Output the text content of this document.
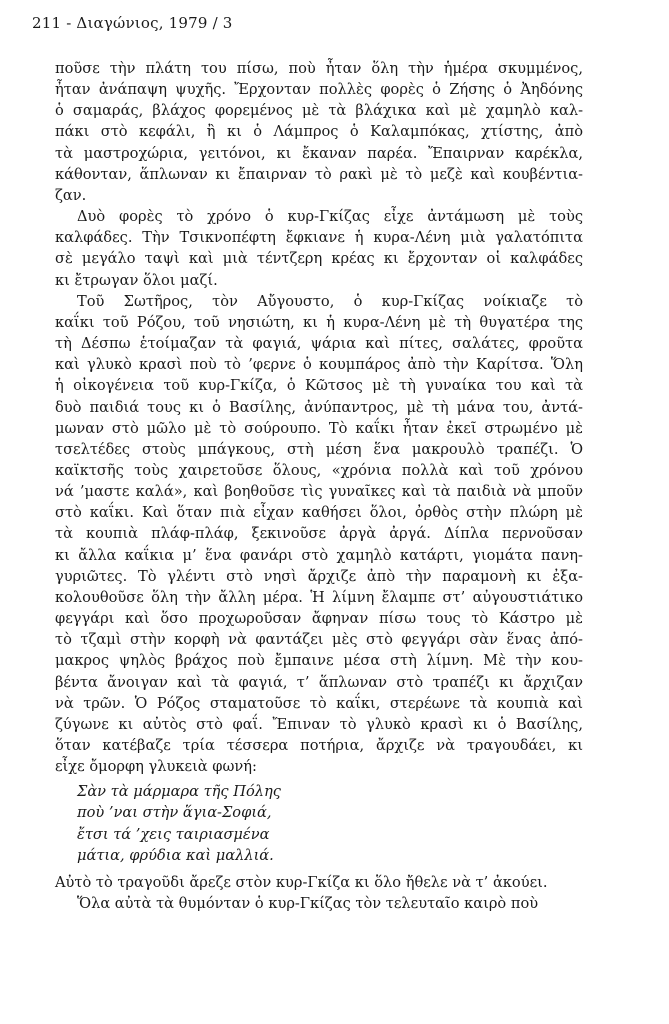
211 - Διαγώνιος, 1979 / 3

ποῦσε τὴν πλάτη του πίσω, ποὺ ἦταν ὅλη τὴν ἡμέρα σκυμμένος,
ἦταν ἀνάπαψη ψυχῆς. Ἔρχονταν πολλὲς φορὲς ὁ Ζήσης ὁ Ἀηδόνης
ὁ σαμαράς, βλάχος φορεμένος μὲ τὰ βλάχικα καὶ μὲ χαμηλὸ καλ-
πάκι στὸ κεφάλι, ἢ κι ὁ Λάμπρος ὁ Καλαμπόκας, χτίστης, ἀπὸ
τὰ μαστροχώρια, γειτόνοι, κι ἔκαναν παρέα. Ἔπαιρναν καρέκλα,
κάθονταν, ἅπλωναν κι ἔπαιρναν τὸ ρακὶ μὲ τὸ μεζὲ καὶ κουβέντια-
ζαν.

Δυὸ φορὲς τὸ χρόνο ὁ κυρ-Γκίζας εἶχε ἀντάμωση μὲ τοὺς
καλφάδες. Τὴν Τσικνοπέφτη ἔφκιανε ἡ κυρα-Λένη μιὰ γαλατόπιτα
σὲ μεγάλο ταψὶ καὶ μιὰ τέντζερη κρέας κι ἔρχονταν οἱ καλφάδες
κι ἔτρωγαν ὅλοι μαζί.

Τοῦ Σωτῆρος, τὸν Αὔγουστο, ὁ κυρ-Γκίζας νοίκιαζε τὸ
καΐκι τοῦ Ρόζου, τοῦ νησιώτη, κι ἡ κυρα-Λένη μὲ τὴ θυγατέρα της
τὴ Δέσπω ἑτοίμαζαν τὰ φαγιά, ψάρια καὶ πίτες, σαλάτες, φροῦτα
καὶ γλυκὸ κρασὶ ποὺ τὸ ’φερνε ὁ κουμπάρος ἀπὸ τὴν Καρίτσα. Ὅλη
ἡ οἰκογένεια τοῦ κυρ-Γκίζα, ὁ Κῶτσος μὲ τὴ γυναίκα του καὶ τὰ
δυὸ παιδιά τους κι ὁ Βασίλης, ἀνύπαντρος, μὲ τὴ μάνα του, ἀντά-
μωναν στὸ μῶλο μὲ τὸ σούρουπο. Τὸ καΐκι ἦταν ἐκεῖ στρωμένο μὲ
τσελτέδες στοὺς μπάγκους, στὴ μέση ἕνα μακρουλὸ τραπέζι. Ὁ
καϊκτσῆς τοὺς χαιρετοῦσε ὅλους, «χρόνια πολλὰ καὶ τοῦ χρόνου
νά ’μαστε καλά», καὶ βοηθοῦσε τὶς γυναῖκες καὶ τὰ παιδιὰ νὰ μποῦν
στὸ καΐκι. Καὶ ὅταν πιὰ εἶχαν καθήσει ὅλοι, ὀρθὸς στὴν πλώρη μὲ
τὰ κουπιὰ πλάφ-πλάφ, ξεκινοῦσε ἀργὰ ἀργά. Δίπλα περνοῦσαν
κι ἄλλα καΐκια μ’ ἕνα φανάρι στὸ χαμηλὸ κατάρτι, γιομάτα πανη-
γυριῶτες. Τὸ γλέντι στὸ νησὶ ἄρχιζε ἀπὸ τὴν παραμονὴ κι ἐξα-
κολουθοῦσε ὅλη τὴν ἄλλη μέρα. Ἡ λίμνη ἔλαμπε στ’ αὐγουστιάτικο
φεγγάρι καὶ ὅσο προχωροῦσαν ἄφηναν πίσω τους τὸ Κάστρο μὲ
τὸ τζαμὶ στὴν κορφὴ νὰ φαντάζει μὲς στὸ φεγγάρι σὰν ἕνας ἀπό-
μακρος ψηλὸς βράχος ποὺ ἔμπαινε μέσα στὴ λίμνη. Μὲ τὴν κου-
βέντα ἄνοιγαν καὶ τὰ φαγιά, τ’ ἅπλωναν στὸ τραπέζι κι ἄρχιζαν
νὰ τρῶν. Ὁ Ρόζος σταματοῦσε τὸ καΐκι, στερέωνε τὰ κουπιὰ καὶ
ζύγωνε κι αὐτὸς στὸ φαΐ. Ἔπιναν τὸ γλυκὸ κρασὶ κι ὁ Βασίλης,
ὅταν κατέβαζε τρία τέσσερα ποτήρια, ἄρχιζε νὰ τραγουδάει, κι
εἶχε ὄμορφη γλυκειὰ φωνή:

Σὰν τὰ μάρμαρα τῆς Πόλης
ποὺ ’ναι στὴν ἅγια-Σοφιά,
ἔτσι τά ’χεις ταιριασμένα
μάτια, φρύδια καὶ μαλλιά.

Αὐτὸ τὸ τραγοῦδι ἄρεζε στὸν κυρ-Γκίζα κι ὅλο ἤθελε νὰ τ’ ἀκούει.

Ὅλα αὐτὰ τὰ θυμόνταν ὁ κυρ-Γκίζας τὸν τελευταῖο καιρὸ ποὺ
